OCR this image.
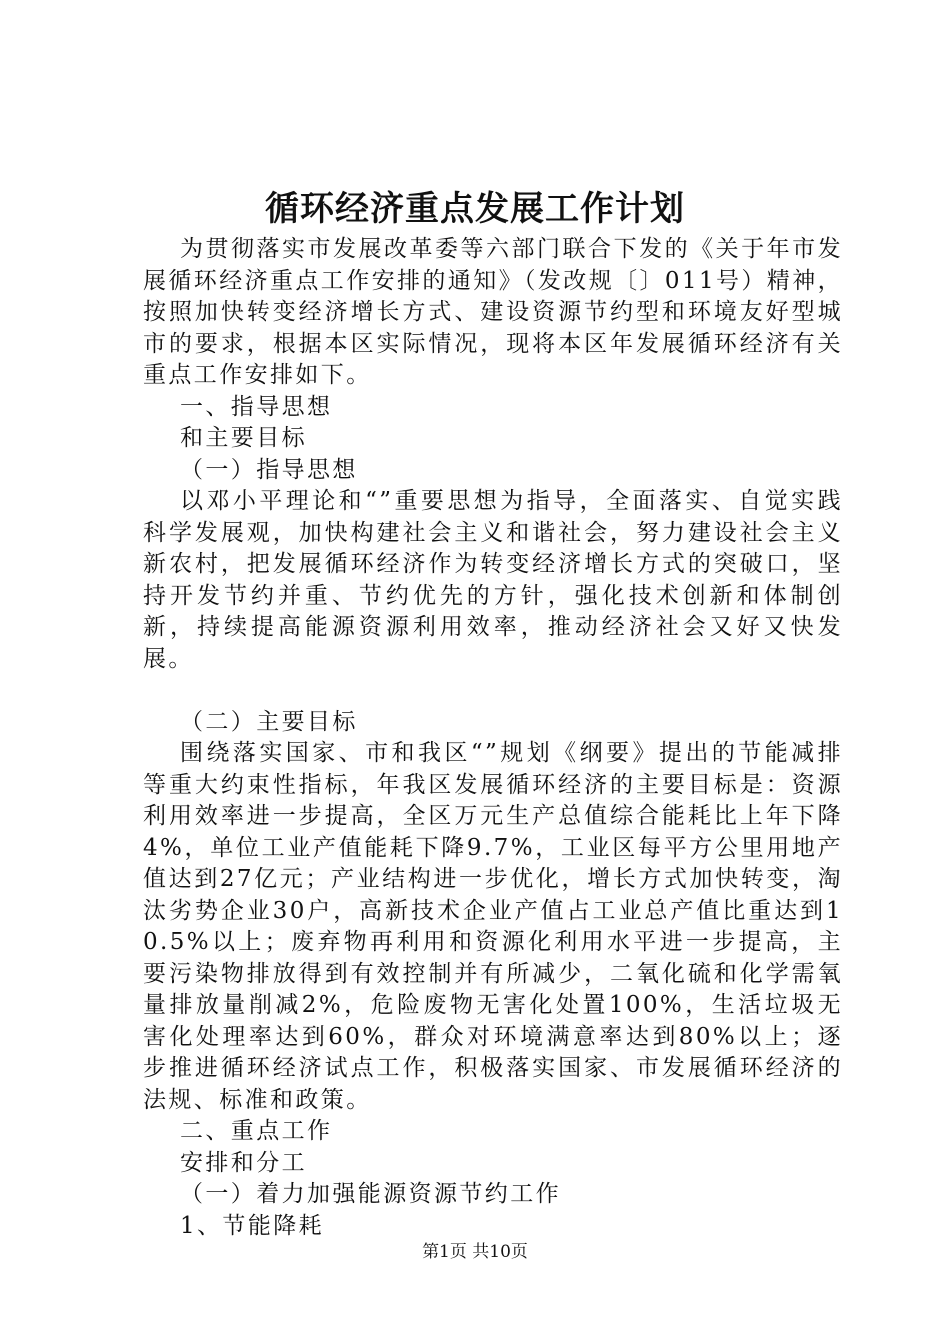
循环经济重点发展工作计划

为贯彻落实市发展改革委等六部门联合下发的《关于年市发展循环经济重点工作安排的通知》（发改规〔〕011号）精神，按照加快转变经济增长方式、建设资源节约型和环境友好型城市的要求，根据本区实际情况，现将本区年发展循环经济有关重点工作安排如下。

一、指导思想

和主要目标

（一）指导思想

以邓小平理论和“”重要思想为指导，全面落实、自觉实践科学发展观，加快构建社会主义和谐社会，努力建设社会主义新农村，把发展循环经济作为转变经济增长方式的突破口，坚持开发节约并重、节约优先的方针，强化技术创新和体制创新，持续提高能源资源利用效率，推动经济社会又好又快发展。

（二）主要目标

围绕落实国家、市和我区“”规划《纲要》提出的节能减排等重大约束性指标，年我区发展循环经济的主要目标是：资源利用效率进一步提高，全区万元生产总值综合能耗比上年下降4%，单位工业产值能耗下降9.7%，工业区每平方公里用地产值达到27亿元；产业结构进一步优化，增长方式加快转变，淘汰劣势企业30户，高新技术企业产值占工业总产值比重达到10.5%以上；废弃物再利用和资源化利用水平进一步提高，主要污染物排放得到有效控制并有所减少，二氧化硫和化学需氧量排放量削减2%，危险废物无害化处置100%，生活垃圾无害化处理率达到60%，群众对环境满意率达到80%以上；逐步推进循环经济试点工作，积极落实国家、市发展循环经济的法规、标准和政策。

二、重点工作

安排和分工

（一）着力加强能源资源节约工作

1、节能降耗

第1页 共10页
